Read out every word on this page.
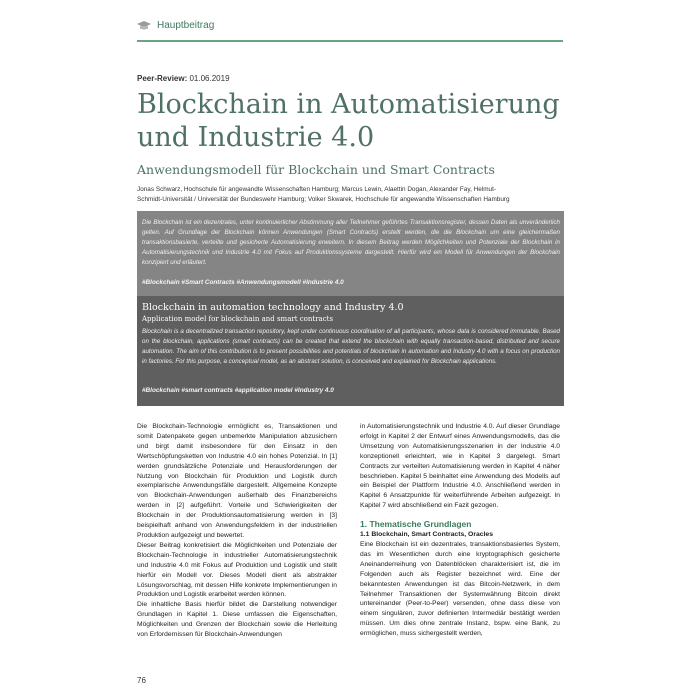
Hauptbeitrag
Peer-Review: 01.06.2019
Blockchain in Automatisierung
und Industrie 4.0
Anwendungsmodell für Blockchain und Smart Contracts
Jonas Schwarz, Hochschule für angewandte Wissenschaften Hamburg; Marcus Lewin, Alaettin Dogan, Alexander Fay, Helmut-
Schmidt-Universität / Universität der Bundeswehr Hamburg; Volker Skwarek, Hochschule für angewandte Wissenschaften Hamburg
Die Blockchain ist ein dezentrales, unter kontinuierlicher Abstimmung aller Teilnehmer geführtes Transaktionsregister, dessen Daten als unveränderlich gelten. Auf Grundlage der Blockchain können Anwendungen (Smart Contracts) erstellt werden, die die Blockchain um eine gleichermaßen transaktionsbasierte, verteilte und gesicherte Automatisierung erweitern. In diesem Beitrag werden Möglichkeiten und Potenziale der Blockchain in Automatisierungstechnik und Industrie 4.0 mit Fokus auf Produktionssysteme dargestellt. Hierfür wird ein Modell für Anwendungen der Blockchain konzipiert und erläutert.
#Blockchain #Smart Contracts #Anwendungsmodell #Industrie 4.0
Blockchain in automation technology and Industry 4.0
Application model for blockchain and smart contracts
Blockchain is a decentralized transaction repository, kept under continuous coordination of all participants, whose data is considered immutable. Based on the blockchain, applications (smart contracts) can be created that extend the blockchain with equally transaction-based, distributed and secure automation. The aim of this contribution is to present possibilities and potentials of blockchain in automation and Industry 4.0 with a focus on production in factories. For this purpose, a conceptual model, as an abstract solution, is conceived and explained for Blockchain applications.
#Blockchain #smart contracts #application model #Industry 4.0

Die Blockchain-Technologie ermöglicht es, Transaktionen und somit Datenpakete gegen unbemerkte Manipulation abzusichern und birgt damit insbesondere für den Einsatz in den Wertschöpfungsketten von Industrie 4.0 ein hohes Potenzial. In [1] werden grundsätzliche Potenziale und Herausforderungen der Nutzung von Blockchain für Produktion und Logistik durch exemplarische Anwendungsfälle dargestellt. Allgemeine Konzepte von Blockchain-Anwendungen außerhalb des Finanzbereichs werden in [2] aufgeführt. Vorteile und Schwierigkeiten der Blockchain in der Produktionsautomatisierung werden in [3] beispielhaft anhand von Anwendungsfeldern in der industriellen Produktion aufgezeigt und bewertet.

Dieser Beitrag konkretisiert die Möglichkeiten und Potenziale der Blockchain-Technologie in industrieller Automatisierungstechnik und Industrie 4.0 mit Fokus auf Produktion und Logistik und stellt hierfür ein Modell vor. Dieses Modell dient als abstrakter Lösungsvorschlag, mit dessen Hilfe konkrete Implementierungen in Produktion und Logistik erarbeitet werden können.

Die inhaltliche Basis hierfür bildet die Darstellung notwendiger Grundlagen in Kapitel 1. Diese umfassen die Eigenschaften, Möglichkeiten und Grenzen der Blockchain sowie die Herleitung von Erfordernissen für Blockchain-Anwendungen

in Automatisierungstechnik und Industrie 4.0. Auf dieser Grundlage erfolgt in Kapitel 2 der Entwurf eines Anwendungsmodells, das die Umsetzung von Automatisierungsszenarien in der Industrie 4.0 konzeptionell erleichtert, wie in Kapitel 3 dargelegt. Smart Contracts zur verteilten Automatisierung werden in Kapitel 4 näher beschrieben. Kapitel 5 beinhaltet eine Anwendung des Modells auf ein Beispiel der Plattform Industrie 4.0. Anschließend werden in Kapitel 6 Ansatzpunkte für weiterführende Arbeiten aufgezeigt. In Kapitel 7 wird abschließend ein Fazit gezogen.

1. Thematische Grundlagen

1.1 Blockchain, Smart Contracts, Oracles

Eine Blockchain ist ein dezentrales, transaktionsbasiertes System, das im Wesentlichen durch eine kryptographisch gesicherte Aneinanderreihung von Datenblöcken charakterisiert ist, die im Folgenden auch als Register bezeichnet wird. Eine der bekanntesten Anwendungen ist das Bitcoin-Netzwerk, in dem Teilnehmer Transaktionen der Systemwährung Bitcoin direkt untereinander (Peer-to-Peer) versenden, ohne dass diese von einem singulären, zuvor definierten Intermediär bestätigt werden müssen. Um dies ohne zentrale Instanz, bspw. eine Bank, zu ermöglichen, muss sichergestellt werden,

76
